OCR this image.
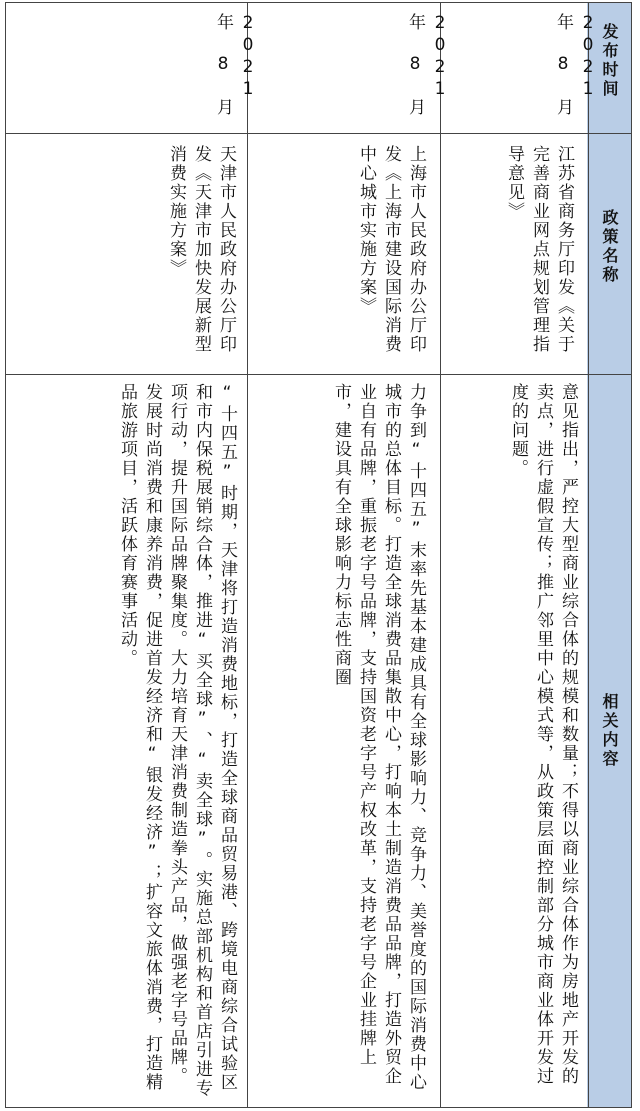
发布时间
政策名称
相关内容
2021 年 8 月
江苏省商务厅印发《关于完善商业网点规划管理指导意见》
意见指出，严控大型商业综合体的规模和数量；不得以商业综合体作为房地产开发的卖点，进行虚假宣传；推广邻里中心模式等，从政策层面控制部分城市商业体开发过度的问题。
2021 年 8 月
上海市人民政府办公厅印发《上海市建设国际消费中心城市实施方案》
力争到“十四五”末率先基本建成具有全球影响力、竞争力、美誉度的国际消费中心城市的总体目标。打造全球消费品集散中心，打响本土制造消费品品牌，打造外贸企业自有品牌，重振老字号品牌，支持国资老字号产权改革，支持老字号企业挂牌上市，建设具有全球影响力标志性商圈
2021 年 8 月
天津市人民政府办公厅印发《天津市加快发展新型消费实施方案》
“十四五”时期，天津将打造消费地标，打造全球商品贸易港、跨境电商综合试验区和市内保税展销综合体，推进“买全球”、“卖全球”。实施总部机构和首店引进专项行动，提升国际品牌聚集度。大力培育天津消费制造拳头产品，做强老字号品牌。发展时尚消费和康养消费，促进首发经济和“银发经济”；扩容文旅体消费，打造精品旅游项目，活跃体育赛事活动。
